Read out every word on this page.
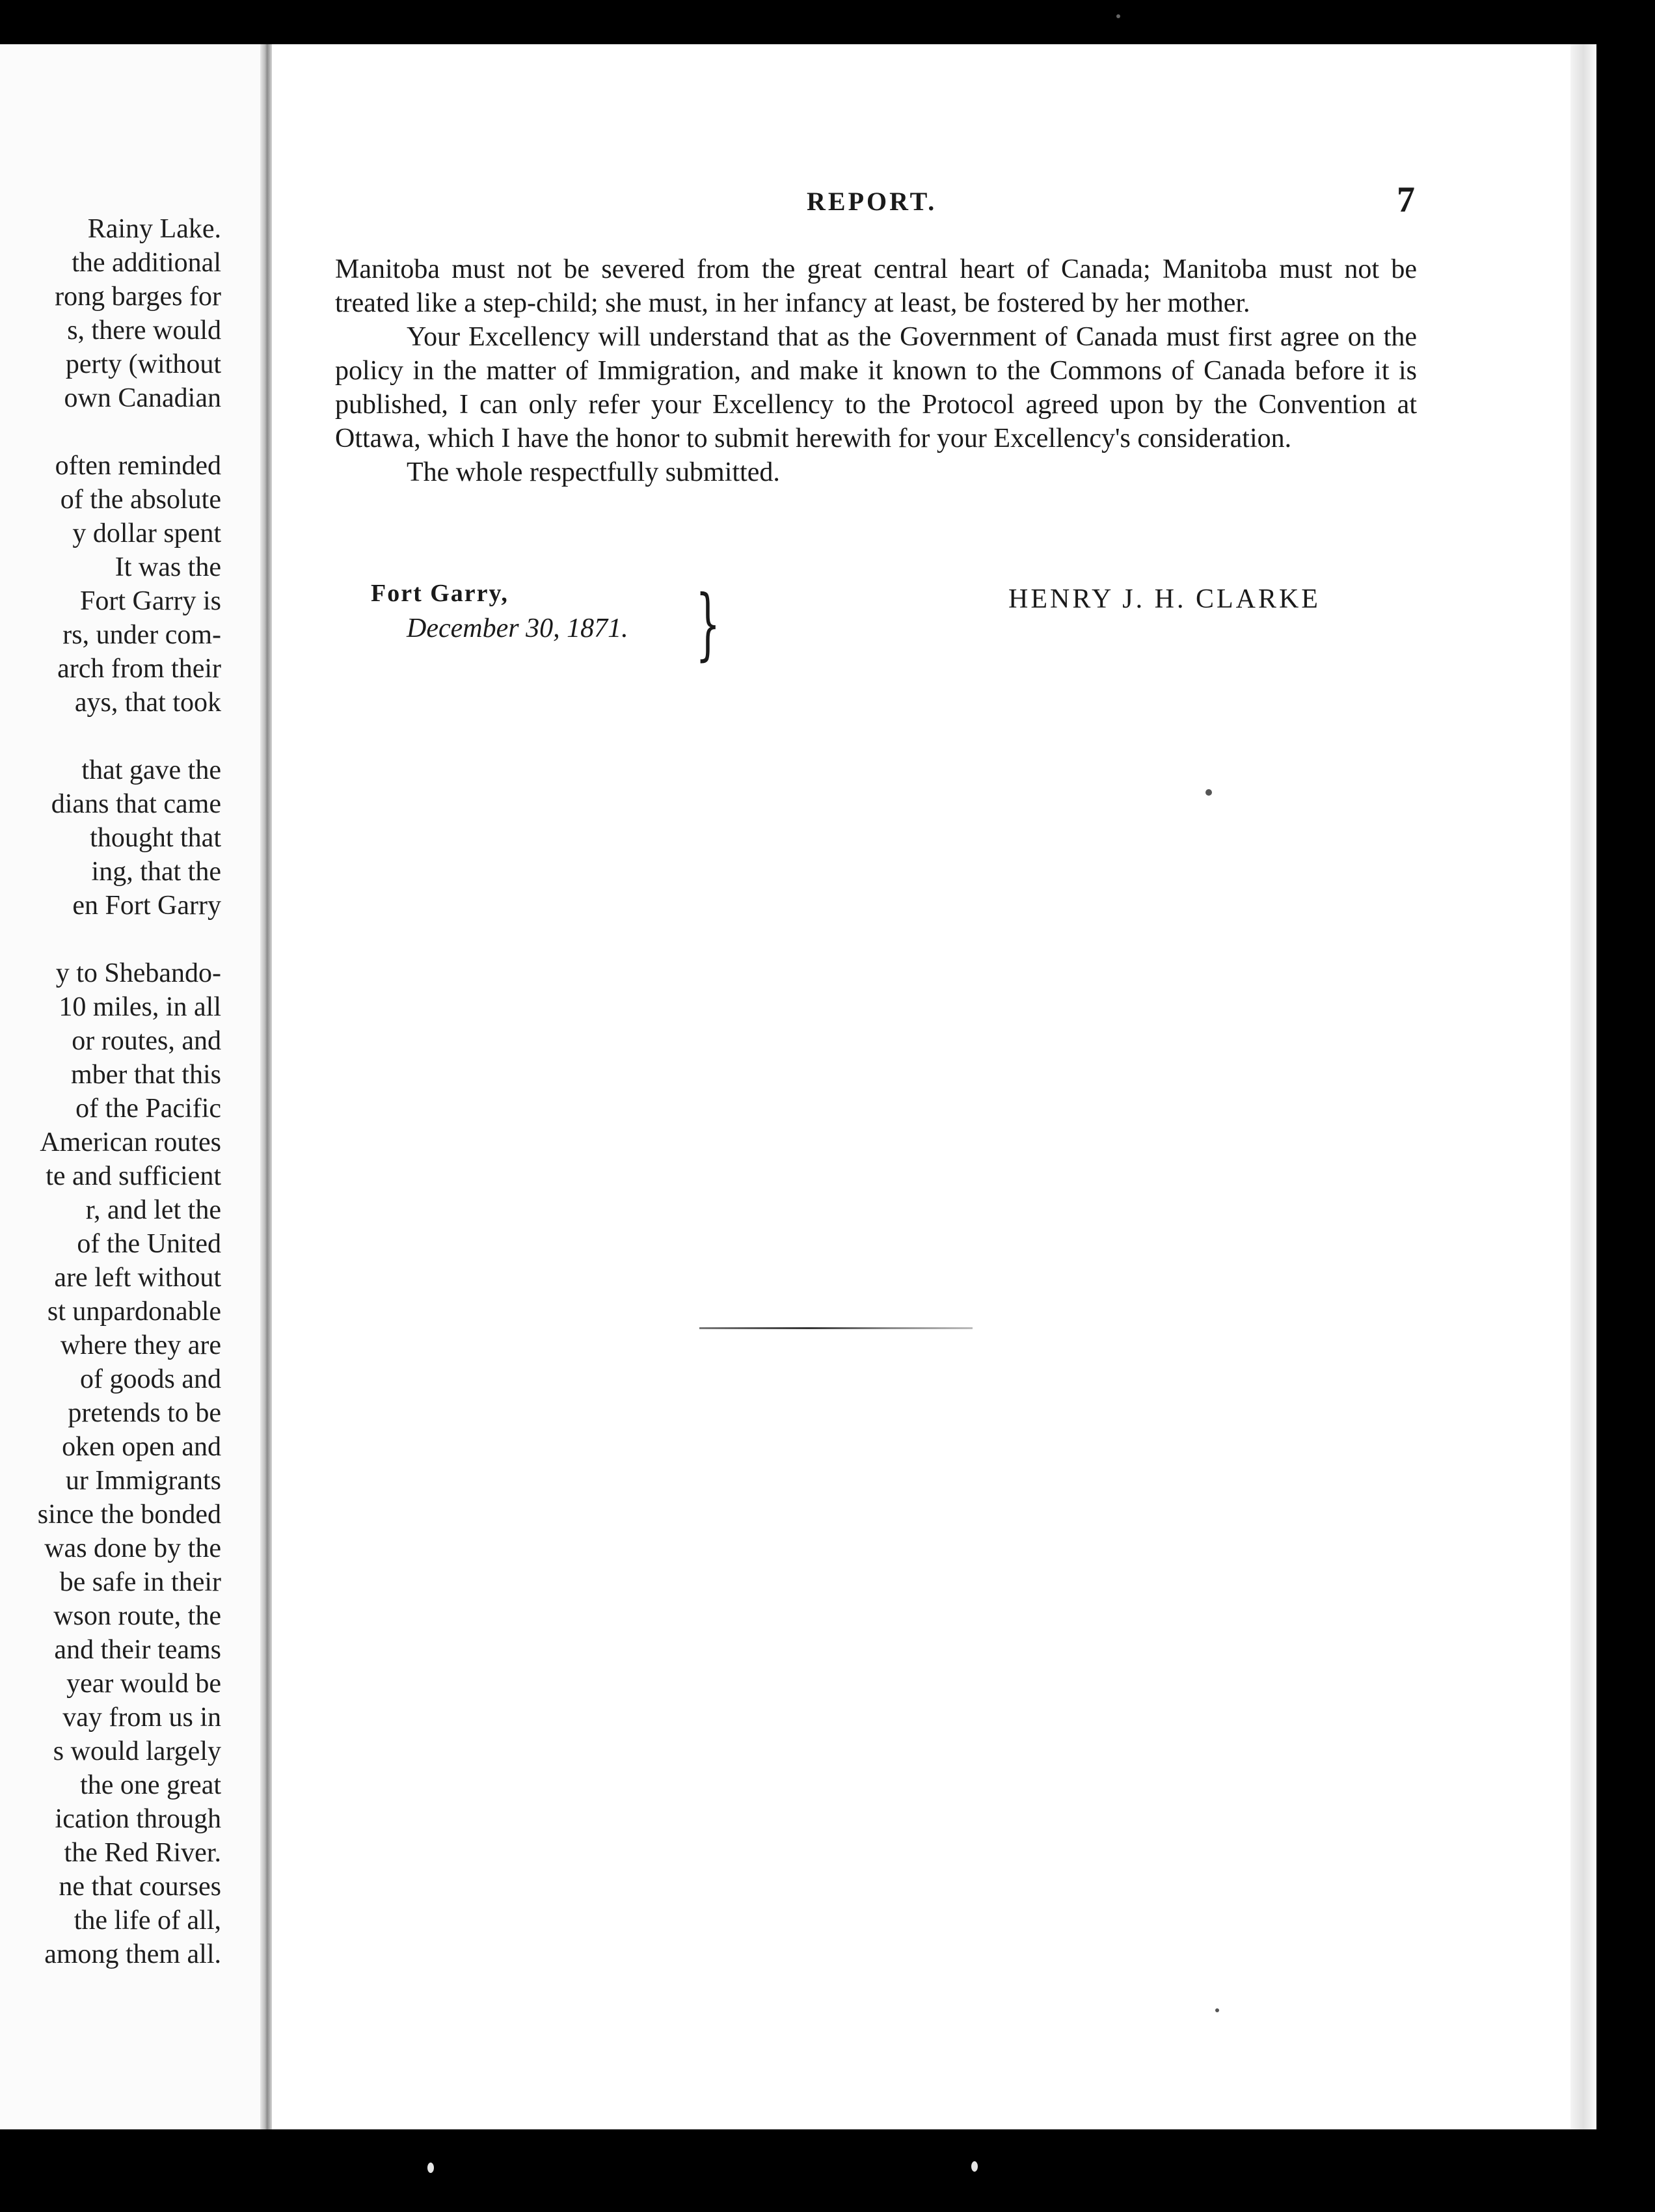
Rainy Lake.
the additional
rong barges for
s, there would
perty (without
own Canadian
often reminded
of the absolute
y dollar spent
It was the
Fort Garry is
rs, under com-
arch from their
ays, that took
that gave the
dians that came
thought that
ing, that the
en Fort Garry
y to Shebando-
10 miles, in all
or routes, and
mber that this
of the Pacific
American routes
te and sufficient
r, and let the
of the United
are left without
st unpardonable
where they are
of goods and
pretends to be
oken open and
ur Immigrants
since the bonded
was done by the
be safe in their
wson route, the
and their teams
year would be
vay from us in
s would largely
the one great
ication through
the Red River.
ne that courses
the life of all,
among them all.
REPORT.	7

Manitoba must not be severed from the great central heart of Canada; Manitoba must not be treated like a step-child; she must, in her infancy at least, be fostered by her mother.

Your Excellency will understand that as the Government of Canada must first agree on the policy in the matter of Immigration, and make it known to the Commons of Canada before it is published, I can only refer your Excellency to the Protocol agreed upon by the Convention at Ottawa, which I have the honor to submit herewith for your Excellency's consideration.

The whole respectfully submitted.

Fort Garry,
December 30, 1871. }	HENRY J. H. CLARKE
